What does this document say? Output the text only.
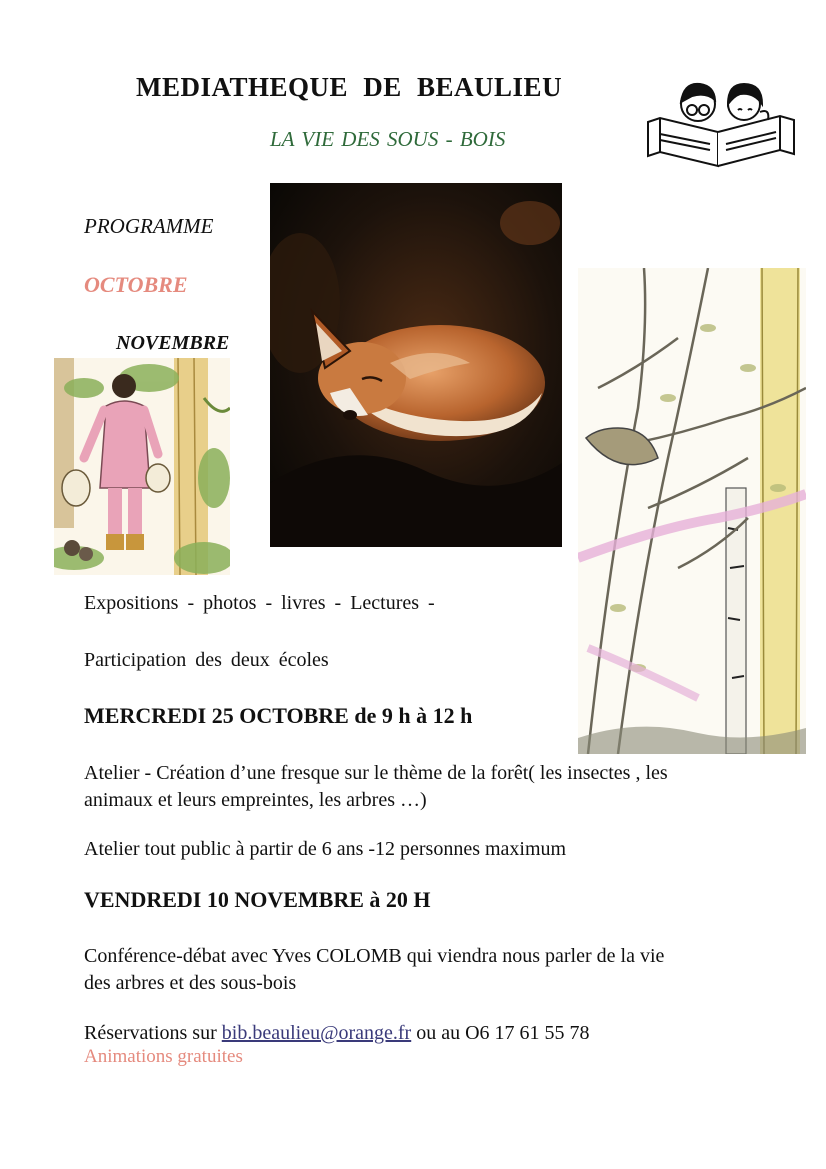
MEDIATHEQUE DE BEAULIEU
LA VIE DES SOUS - BOIS
PROGRAMME
OCTOBRE
NOVEMBRE
Expositions - photos - livres - Lectures -
Participation des deux écoles
MERCREDI 25 OCTOBRE de 9 h à 12 h
Atelier - Création d’une fresque sur le thème de la forêt( les insectes , les
animaux et leurs empreintes, les arbres …)
Atelier tout public à partir de 6 ans -12 personnes maximum
VENDREDI 10 NOVEMBRE à 20 H
Conférence-débat avec Yves COLOMB qui viendra nous parler de la vie
des arbres et des sous-bois
Réservations sur bib.beaulieu@orange.fr ou au O6 17 61 55 78
Animations gratuites
